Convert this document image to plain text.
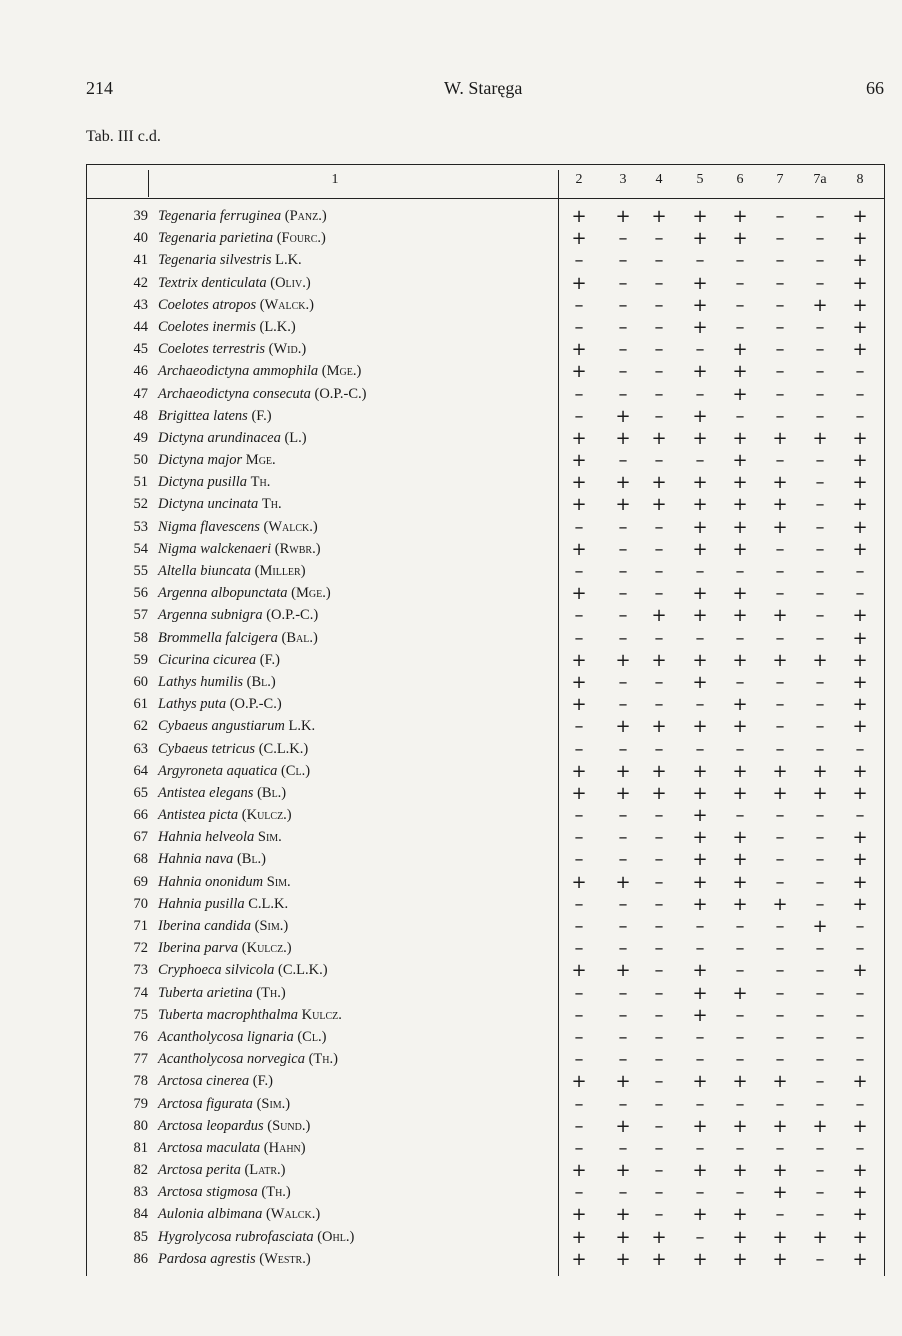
214	W. Staręga	66
Tab. III c.d.
1	2	3	4	5	6	7	7a	8
39 Tegenaria ferruginea (Panz.)	+	+	+	+	+	–	–	+
40 Tegenaria parietina (Fourc.)	+	–	–	+	+	–	–	+
41 Tegenaria silvestris L.K.	–	–	–	–	–	–	–	+
42 Textrix denticulata (Oliv.)	+	–	–	+	–	–	–	+
43 Coelotes atropos (Walck.)	–	–	–	+	–	–	+	+
44 Coelotes inermis (L.K.)	–	–	–	+	–	–	–	+
45 Coelotes terrestris (Wid.)	+	–	–	–	+	–	–	+
46 Archaeodictyna ammophila (Mge.)	+	–	–	+	+	–	–	–
47 Archaeodictyna consecuta (O.P.-C.)	–	–	–	–	+	–	–	–
48 Brigittea latens (F.)	–	+	–	+	–	–	–	–
49 Dictyna arundinacea (L.)	+	+	+	+	+	+	+	+
50 Dictyna major Mge.	+	–	–	–	+	–	–	+
51 Dictyna pusilla Th.	+	+	+	+	+	+	–	+
52 Dictyna uncinata Th.	+	+	+	+	+	+	–	+
53 Nigma flavescens (Walck.)	–	–	–	+	+	+	–	+
54 Nigma walckenaeri (Rwbr.)	+	–	–	+	+	–	–	+
55 Altella biuncata (Miller)	–	–	–	–	–	–	–	–
56 Argenna albopunctata (Mge.)	+	–	–	+	+	–	–	–
57 Argenna subnigra (O.P.-C.)	–	–	+	+	+	+	–	+
58 Brommella falcigera (Bal.)	–	–	–	–	–	–	–	+
59 Cicurina cicurea (F.)	+	+	+	+	+	+	+	+
60 Lathys humilis (Bl.)	+	–	–	+	–	–	–	+
61 Lathys puta (O.P.-C.)	+	–	–	–	+	–	–	+
62 Cybaeus angustiarum L.K.	–	+	+	+	+	–	–	+
63 Cybaeus tetricus (C.L.K.)	–	–	–	–	–	–	–	–
64 Argyroneta aquatica (Cl.)	+	+	+	+	+	+	+	+
65 Antistea elegans (Bl.)	+	+	+	+	+	+	+	+
66 Antistea picta (Kulcz.)	–	–	–	+	–	–	–	–
67 Hahnia helveola Sim.	–	–	–	+	+	–	–	+
68 Hahnia nava (Bl.)	–	–	–	+	+	–	–	+
69 Hahnia ononidum Sim.	+	+	–	+	+	–	–	+
70 Hahnia pusilla C.L.K.	–	–	–	+	+	+	–	+
71 Iberina candida (Sim.)	–	–	–	–	–	–	+	–
72 Iberina parva (Kulcz.)	–	–	–	–	–	–	–	–
73 Cryphoeca silvicola (C.L.K.)	+	+	–	+	–	–	–	+
74 Tuberta arietina (Th.)	–	–	–	+	+	–	–	–
75 Tuberta macrophthalma Kulcz.	–	–	–	+	–	–	–	–
76 Acantholycosa lignaria (Cl.)	–	–	–	–	–	–	–	–
77 Acantholycosa norvegica (Th.)	–	–	–	–	–	–	–	–
78 Arctosa cinerea (F.)	+	+	–	+	+	+	–	+
79 Arctosa figurata (Sim.)	–	–	–	–	–	–	–	–
80 Arctosa leopardus (Sund.)	–	+	–	+	+	+	+	+
81 Arctosa maculata (Hahn)	–	–	–	–	–	–	–	–
82 Arctosa perita (Latr.)	+	+	–	+	+	+	–	+
83 Arctosa stigmosa (Th.)	–	–	–	–	–	+	–	+
84 Aulonia albimana (Walck.)	+	+	–	+	+	–	–	+
85 Hygrolycosa rubrofasciata (Ohl.)	+	+	+	–	+	+	+	+
86 Pardosa agrestis (Westr.)	+	+	+	+	+	+	–	+
